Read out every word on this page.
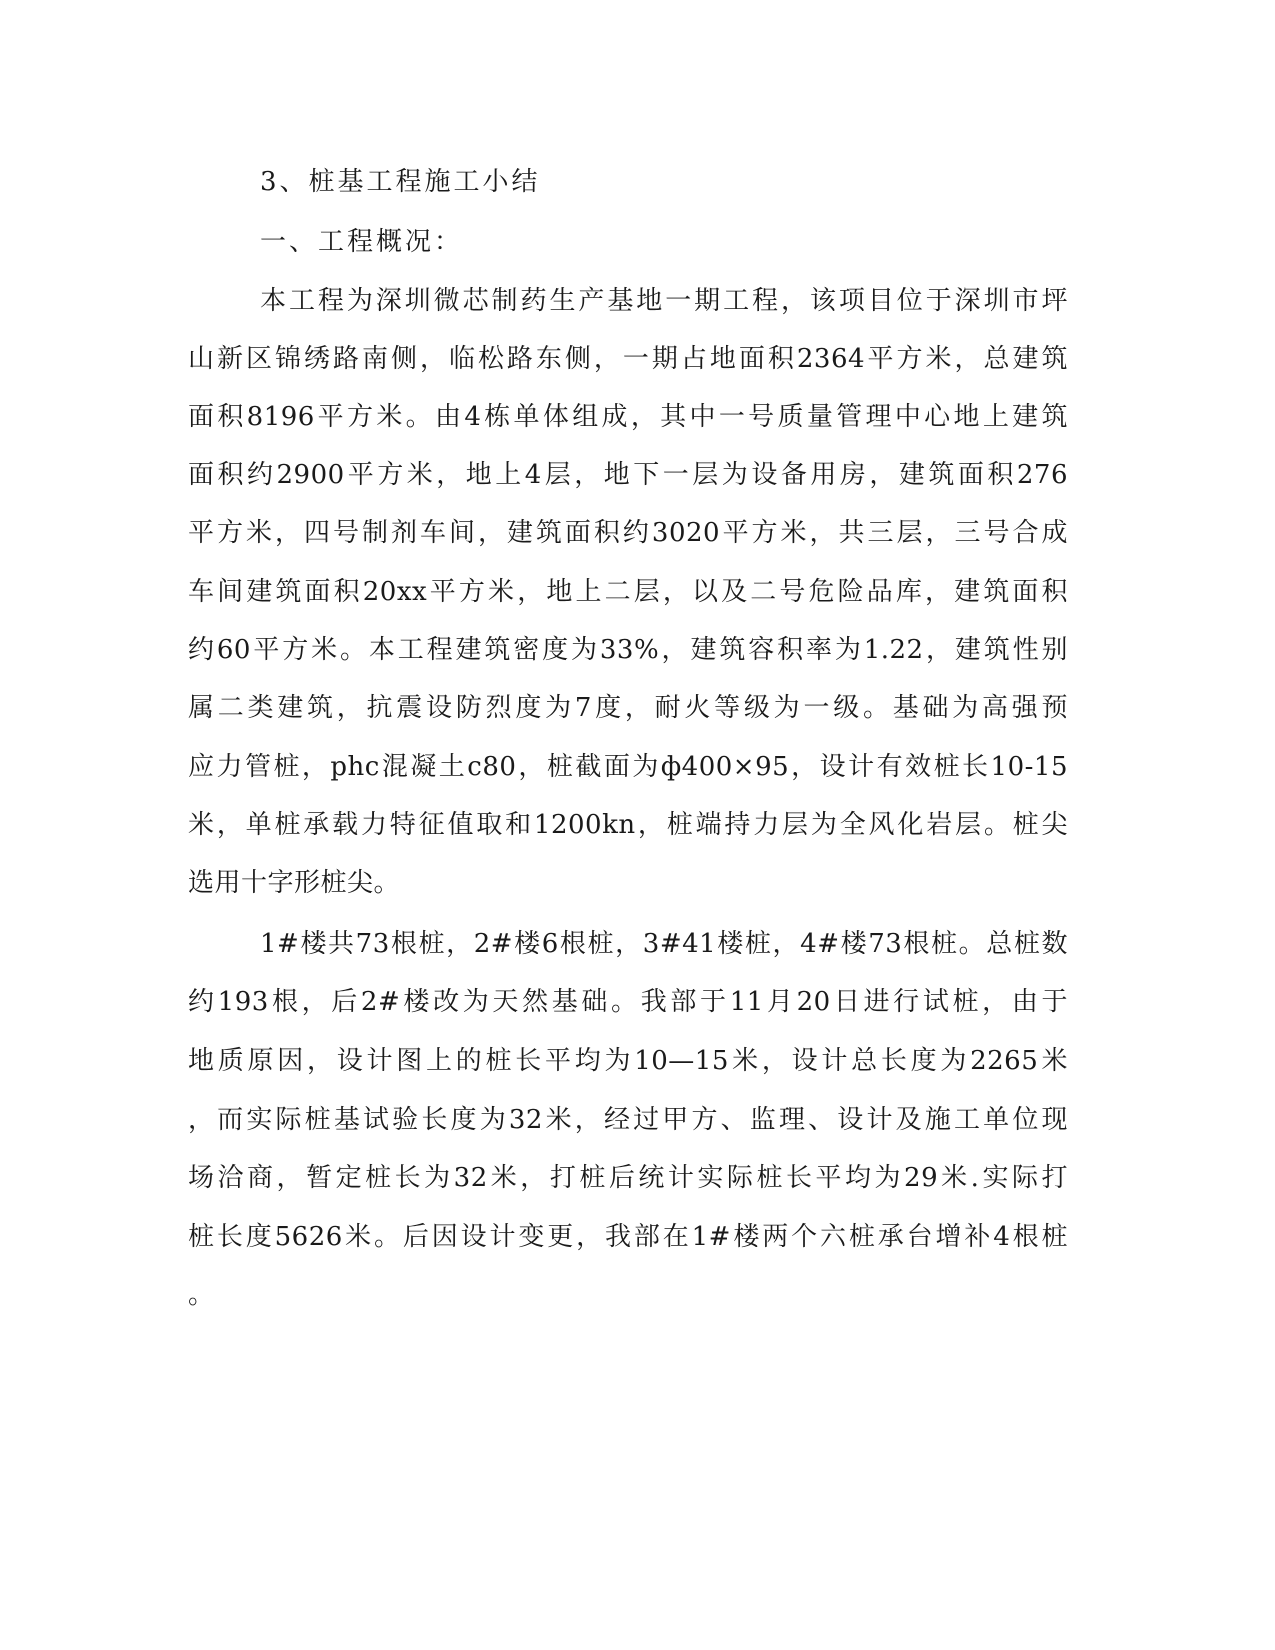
3、桩基工程施工小结
一、工程概况：
本工程为深圳微芯制药生产基地一期工程，该项目位于深圳市坪
山新区锦绣路南侧，临松路东侧，一期占地面积2364平方米，总建筑
面积8196平方米。由4栋单体组成，其中一号质量管理中心地上建筑
面积约2900平方米，地上4层，地下一层为设备用房，建筑面积276
平方米，四号制剂车间，建筑面积约3020平方米，共三层，三号合成
车间建筑面积20xx平方米，地上二层，以及二号危险品库，建筑面积
约60平方米。本工程建筑密度为33%，建筑容积率为1.22，建筑性别
属二类建筑，抗震设防烈度为7度，耐火等级为一级。基础为高强预
应力管桩，phc混凝土c80，桩截面为ф400×95，设计有效桩长10-15
米，单桩承载力特征值取和1200kn，桩端持力层为全风化岩层。桩尖
选用十字形桩尖。
1#楼共73根桩，2#楼6根桩，3#41楼桩，4#楼73根桩。总桩数
约193根，后2#楼改为天然基础。我部于11月20日进行试桩，由于
地质原因，设计图上的桩长平均为10—15米，设计总长度为2265米
，而实际桩基试验长度为32米，经过甲方、监理、设计及施工单位现
场洽商，暂定桩长为32米，打桩后统计实际桩长平均为29米.实际打
桩长度5626米。后因设计变更，我部在1#楼两个六桩承台增补4根桩
。
